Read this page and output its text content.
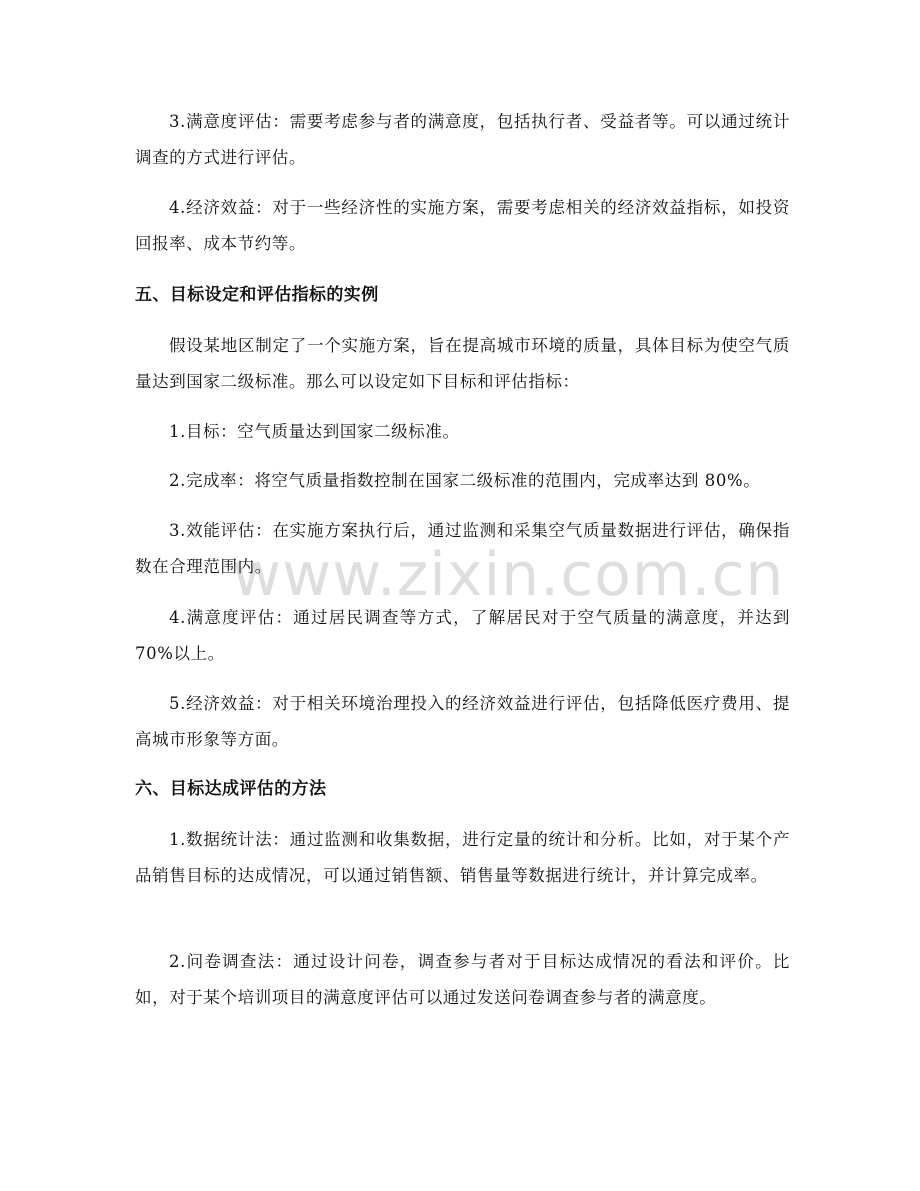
3.满意度评估：需要考虑参与者的满意度，包括执行者、受益者等。可以通过统计调查的方式进行评估。

4.经济效益：对于一些经济性的实施方案，需要考虑相关的经济效益指标，如投资回报率、成本节约等。

五、目标设定和评估指标的实例

假设某地区制定了一个实施方案，旨在提高城市环境的质量，具体目标为使空气质量达到国家二级标准。那么可以设定如下目标和评估指标：

1.目标：空气质量达到国家二级标准。

2.完成率：将空气质量指数控制在国家二级标准的范围内，完成率达到 80%。

3.效能评估：在实施方案执行后，通过监测和采集空气质量数据进行评估，确保指数在合理范围内。

4.满意度评估：通过居民调查等方式，了解居民对于空气质量的满意度，并达到 70%以上。

5.经济效益：对于相关环境治理投入的经济效益进行评估，包括降低医疗费用、提高城市形象等方面。

六、目标达成评估的方法

1.数据统计法：通过监测和收集数据，进行定量的统计和分析。比如，对于某个产品销售目标的达成情况，可以通过销售额、销售量等数据进行统计，并计算完成率。

2.问卷调查法：通过设计问卷，调查参与者对于目标达成情况的看法和评价。比如，对于某个培训项目的满意度评估可以通过发送问卷调查参与者的满意度。

www.zixin.com.cn
